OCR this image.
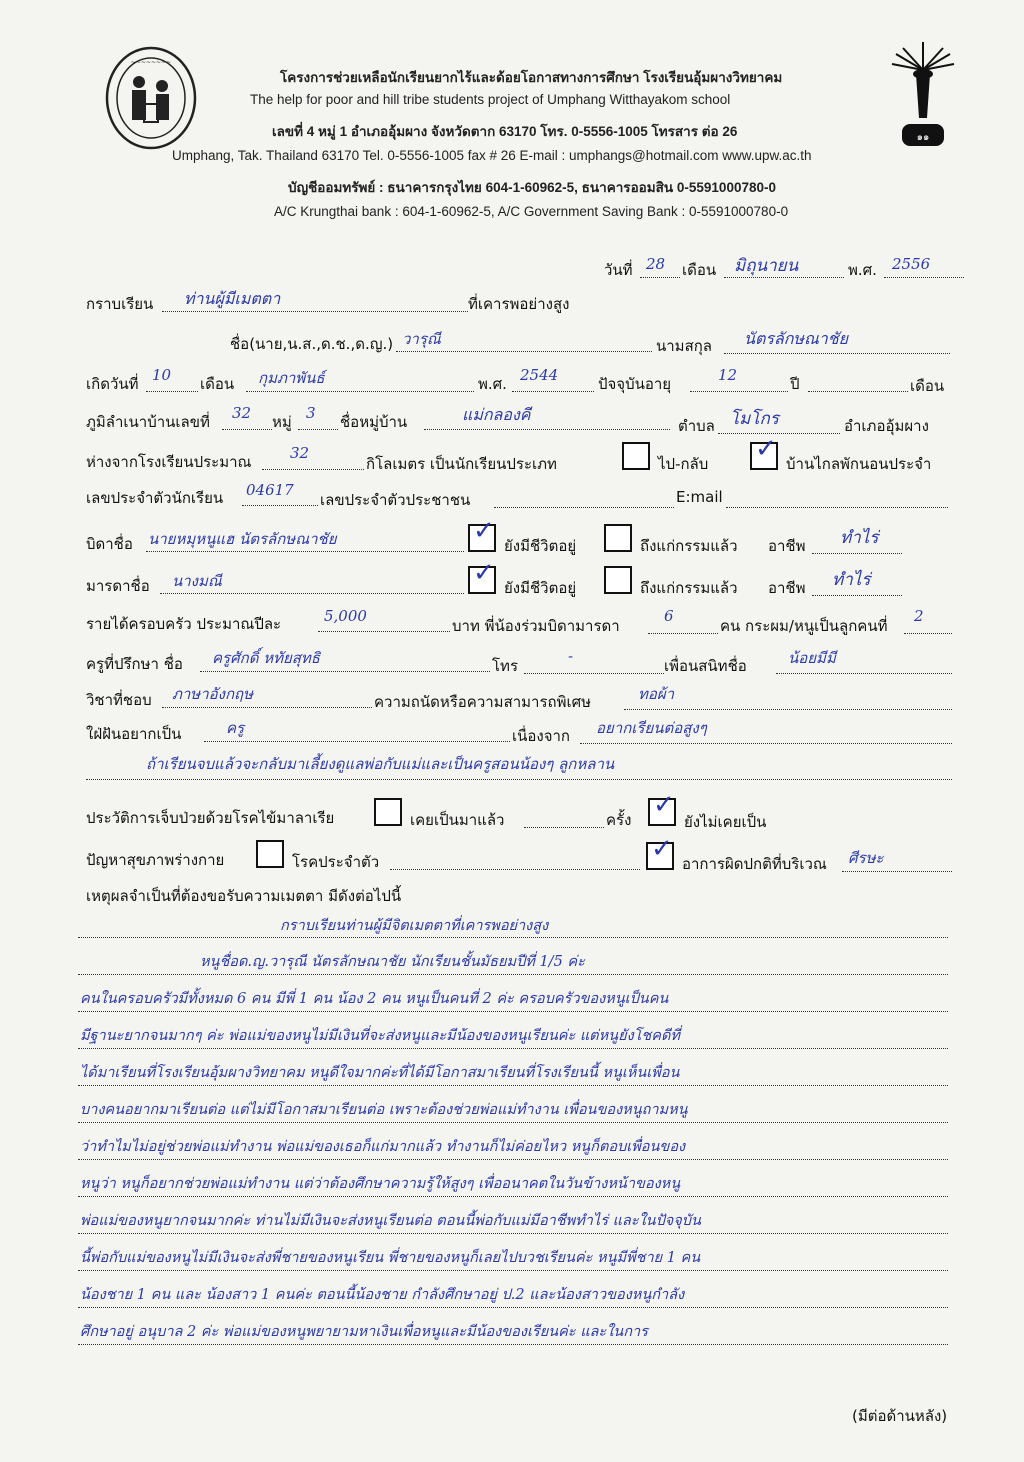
~~~~~~~~
๑๑
โครงการช่วยเหลือนักเรียนยากไร้และด้อยโอกาสทางการศึกษา โรงเรียนอุ้มผางวิทยาคม
The help for poor and hill tribe students project of Umphang Witthayakom school
เลขที่ 4 หมู่ 1 อำเภออุ้มผาง จังหวัดตาก 63170 โทร. 0-5556-1005 โทรสาร ต่อ 26
Umphang, Tak. Thailand 63170 Tel. 0-5556-1005 fax # 26 E-mail : umphangs@hotmail.com www.upw.ac.th
บัญชีออมทรัพย์ : ธนาคารกรุงไทย 604-1-60962-5, ธนาคารออมสิน 0-5591000780-0
A/C Krungthai bank : 604-1-60962-5, A/C Government Saving Bank : 0-5591000780-0
วันที่ 28 เดือน มิถุนายน	พ.ศ. 2556
กราบเรียน ท่านผู้มีเมตตา	ที่เคารพอย่างสูง
ชื่อ(นาย,น.ส.,ด.ช.,ด.ญ.) วารุณี	นามสกุล นัตรลักษณาชัย
เกิดวันที่ 10 เดือน กุมภาพันธ์	พ.ศ. 2544	ปัจจุบันอายุ	12	ปี	เดือน
ภูมิลำเนาบ้านเลขที่ 32 หมู่ 3 ชื่อหมู่บ้าน	แม่กลองคี
ตำบล โมโกร	อำเภออุ้มผาง
ห่างจากโรงเรียนประมาณ	32
กิโลเมตร เป็นนักเรียนประเภท	ไป-กลับ ✓ บ้านไกลพักนอนประจำ
เลขประจำตัวนักเรียน 04617
เลขประจำตัวประชาชน	E:mail
บิดาชื่อ นายหมุหนูแฮ นัตรลักษณาชัย	✓ ยังมีชีวิตอยู่	ถึงแก่กรรมแล้ว อาชีพ ทำไร่
มารดาชื่อ นางมณี	✓ ยังมีชีวิตอยู่	ถึงแก่กรรมแล้ว อาชีพ ทำไร่
รายได้ครอบครัว ประมาณปีละ	5,000
บาท พี่น้องร่วมบิดามารดา
6
คน กระผม/หนูเป็นลูกคนที่
2
ครูที่ปรึกษา ชื่อ ครูศักดิ์ หทัยสุทธิ	โทร
-
เพื่อนสนิทชื่อ	น้อยมีมี
วิชาที่ชอบ ภาษาอังกฤษ	ความถนัดหรือความสามารถพิเศษ	ทอผ้า
ใฝ่ฝันอยากเป็น	ครู	เนื่องจาก อยากเรียนต่อสูงๆ
ถ้าเรียนจบแล้วจะกลับมาเลี้ยงดูแลพ่อกับแม่และเป็นครูสอนน้องๆ ลูกหลาน
ประวัติการเจ็บป่วยด้วยโรคไข้มาลาเรีย	เคยเป็นมาแล้ว	ครั้ง ✓
ยังไม่เคยเป็น
ปัญหาสุขภาพร่างกาย	โรคประจำตัว	✓ อาการผิดปกติที่บริเวณ ศีรษะ
เหตุผลจำเป็นที่ต้องขอรับความเมตตา มีดังต่อไปนี้
กราบเรียนท่านผู้มีจิตเมตตาที่เคารพอย่างสูง
หนูชื่อด.ญ.วารุณี นัตรลักษณาชัย นักเรียนชั้นมัธยมปีที่ 1/5 ค่ะ
คนในครอบครัวมีทั้งหมด 6 คน มีพี่ 1 คน น้อง 2 คน หนูเป็นคนที่ 2 ค่ะ ครอบครัวของหนูเป็นคน
มีฐานะยากจนมากๆ ค่ะ พ่อแม่ของหนูไม่มีเงินที่จะส่งหนูและมีน้องของหนูเรียนค่ะ แต่หนูยังโชคดีที่
ได้มาเรียนที่โรงเรียนอุ้มผางวิทยาคม หนูดีใจมากค่ะที่ได้มีโอกาสมาเรียนที่โรงเรียนนี้ หนูเห็นเพื่อน
บางคนอยากมาเรียนต่อ แต่ไม่มีโอกาสมาเรียนต่อ เพราะต้องช่วยพ่อแม่ทำงาน เพื่อนของหนูถามหนู
ว่าทำไมไม่อยู่ช่วยพ่อแม่ทำงาน พ่อแม่ของเธอก็แก่มากแล้ว ทำงานก็ไม่ค่อยไหว หนูก็ตอบเพื่อนของ
หนูว่า หนูก็อยากช่วยพ่อแม่ทำงาน แต่ว่าต้องศึกษาความรู้ให้สูงๆ เพื่ออนาคตในวันข้างหน้าของหนู
พ่อแม่ของหนูยากจนมากค่ะ ท่านไม่มีเงินจะส่งหนูเรียนต่อ ตอนนี้พ่อกับแม่มีอาชีพทำไร่ และในปัจจุบัน
นี้พ่อกับแม่ของหนูไม่มีเงินจะส่งพี่ชายของหนูเรียน พี่ชายของหนูก็เลยไปบวชเรียนค่ะ หนูมีพี่ชาย 1 คน
น้องชาย 1 คน และ น้องสาว 1 คนค่ะ ตอนนี้น้องชาย กำลังศึกษาอยู่ ป.2 และน้องสาวของหนูกำลัง
ศึกษาอยู่ อนุบาล 2 ค่ะ พ่อแม่ของหนูพยายามหาเงินเพื่อหนูและมีน้องของเรียนค่ะ และในการ
(มีต่อด้านหลัง)
